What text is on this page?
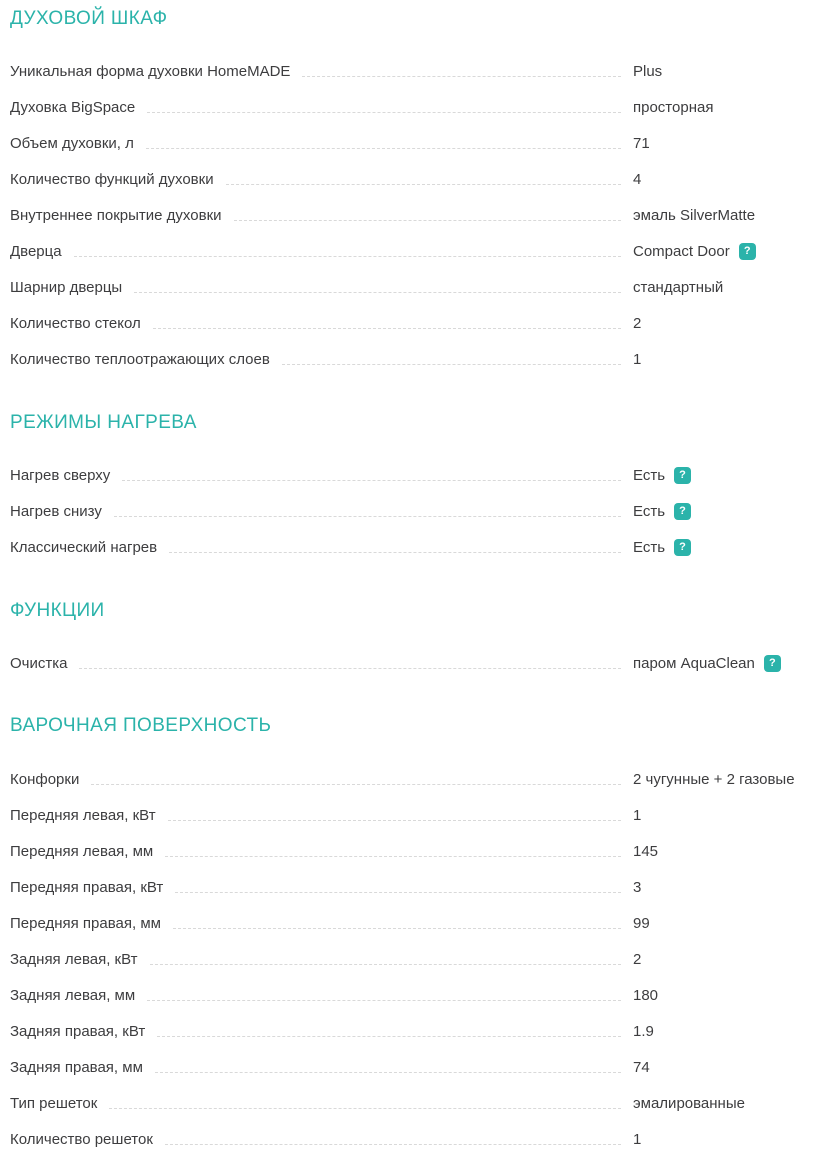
ДУХОВОЙ ШКАФ
Уникальная форма духовки HomeMADE	Plus
Духовка BigSpace	просторная
Объем духовки, л	71
Количество функций духовки	4
Внутреннее покрытие духовки	эмаль SilverMatte
Дверца	Compact Door	?
Шарнир дверцы	стандартный
Количество стекол	2
Количество теплоотражающих слоев	1
РЕЖИМЫ НАГРЕВА
Нагрев сверху	Есть	?
Нагрев снизу	Есть	?
Классический нагрев	Есть	?
ФУНКЦИИ
Очистка	паром AquaClean	?
ВАРОЧНАЯ ПОВЕРХНОСТЬ
Конфорки	2 чугунные + 2 газовые
Передняя левая, кВт	1
Передняя левая, мм	145
Передняя правая, кВт	3
Передняя правая, мм	99
Задняя левая, кВт	2
Задняя левая, мм	180
Задняя правая, кВт	1.9
Задняя правая, мм	74
Тип решеток	эмалированные
Количество решеток	1
